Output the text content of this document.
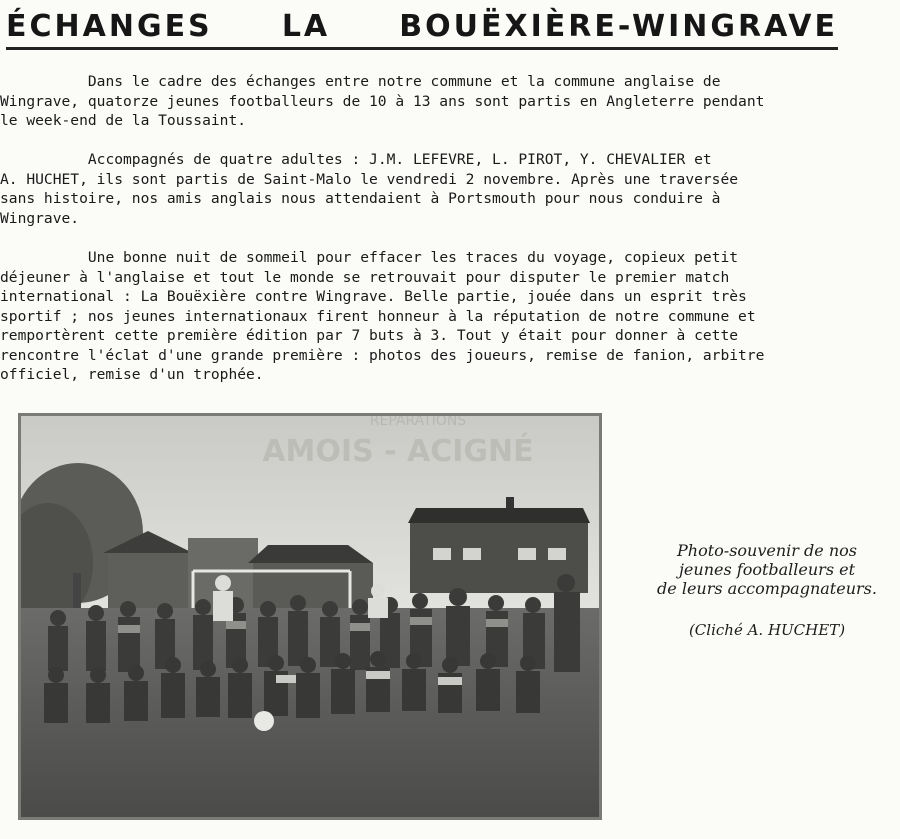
ÉCHANGES LA BOUËXIÈRE-WINGRAVE

Dans le cadre des échanges entre notre commune et la commune anglaise de
Wingrave, quatorze jeunes footballeurs de 10 à 13 ans sont partis en Angleterre pendant
le week-end de la Toussaint.

Accompagnés de quatre adultes : J.M. LEFEVRE, L. PIROT, Y. CHEVALIER et
A. HUCHET, ils sont partis de Saint-Malo le vendredi 2 novembre. Après une traversée
sans histoire, nos amis anglais nous attendaient à Portsmouth pour nous conduire à
Wingrave.

Une bonne nuit de sommeil pour effacer les traces du voyage, copieux petit
déjeuner à l'anglaise et tout le monde se retrouvait pour disputer le premier match
international : La Bouëxière contre Wingrave. Belle partie, jouée dans un esprit très
sportif ; nos jeunes internationaux firent honneur à la réputation de notre commune et
remportèrent cette première édition par 7 buts à 3. Tout y était pour donner à cette
rencontre l'éclat d'une grande première : photos des joueurs, remise de fanion, arbitre
officiel, remise d'un trophée.

RÉPARATIONS
AMOIS - ACIGNÉ
Photo-souvenir de nos
jeunes footballeurs et
de leurs accompagnateurs.
(Cliché A. HUCHET)
